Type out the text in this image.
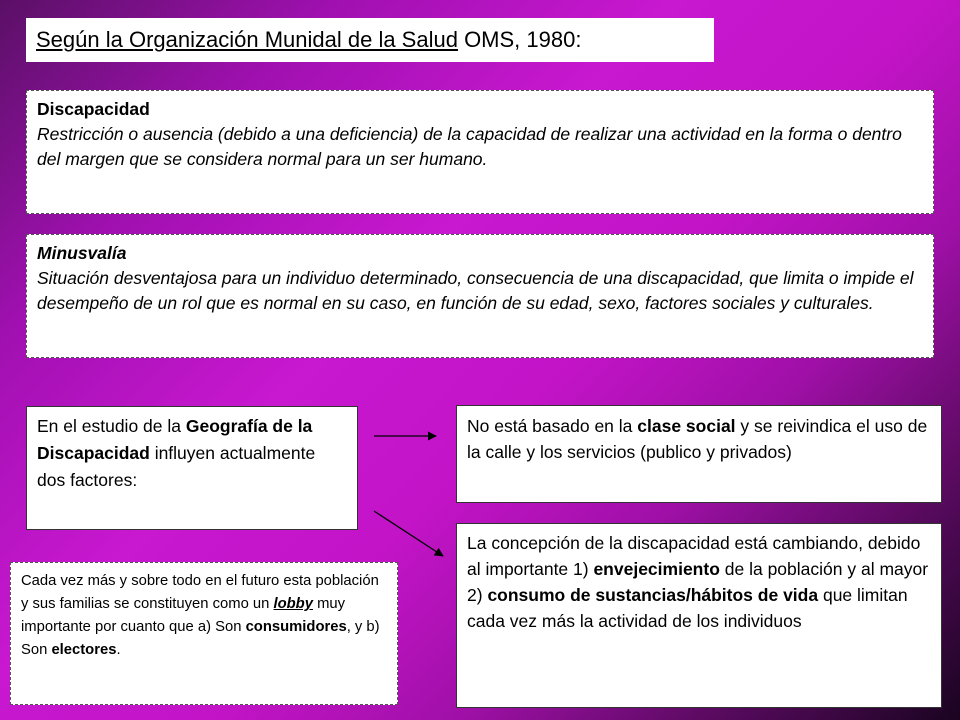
Según la Organización Munidal de la Salud OMS, 1980:
Discapacidad
Restricción o ausencia (debido a una deficiencia) de la capacidad de realizar una actividad en la forma o dentro del margen que se considera normal para un ser humano.
Minusvalía
Situación desventajosa para un individuo determinado, consecuencia de una discapacidad, que limita o impide el desempeño de un rol que es normal en su caso, en función de su edad, sexo, factores sociales y culturales.
En el estudio de la Geografía de la Discapacidad influyen actualmente dos factores:
No está basado en la clase social y se reivindica el uso de la calle y los servicios (publico y privados)
La concepción de la discapacidad está cambiando, debido al importante 1) envejecimiento de la población y al mayor 2) consumo de sustancias/hábitos de vida que limitan cada vez más la actividad de los individuos
Cada vez más y sobre todo en el futuro esta población y sus familias se constituyen como un lobby muy importante por cuanto que a) Son consumidores, y b) Son electores.
